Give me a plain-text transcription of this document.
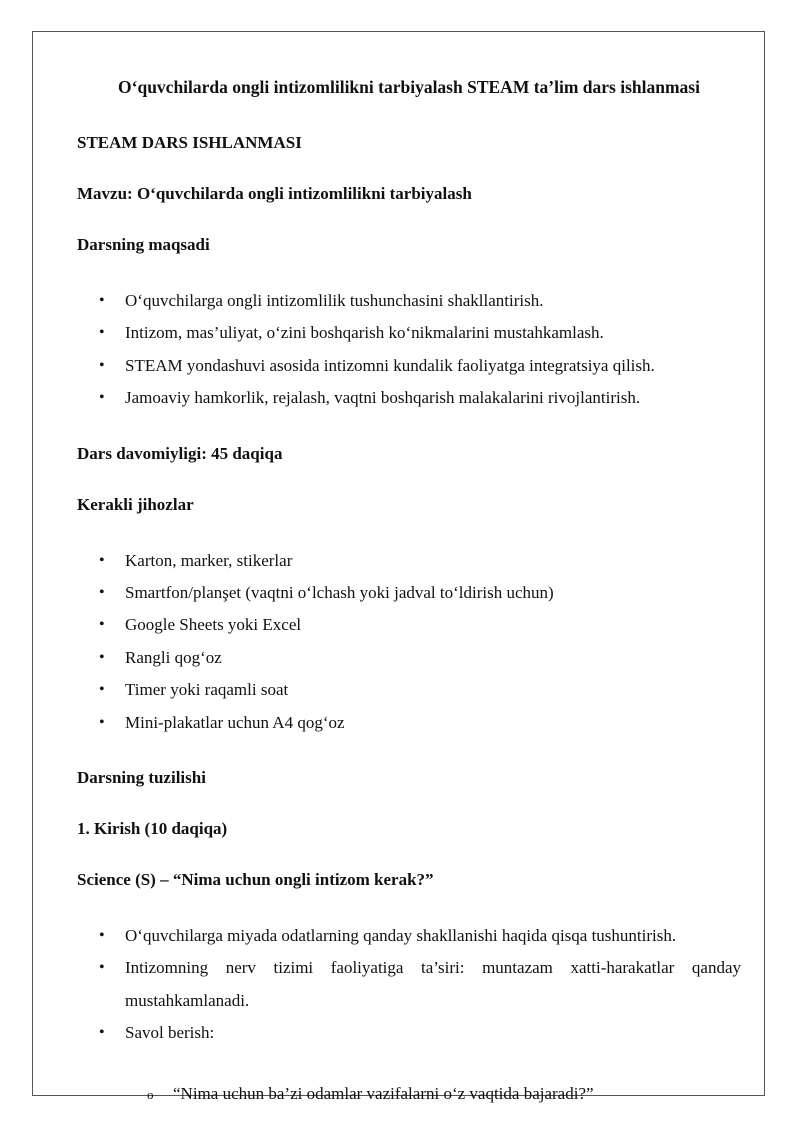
O‘quvchilarda ongli intizomlilikni tarbiyalash STEAM ta’lim dars ishlanmasi

STEAM DARS ISHLANMASI

Mavzu: O‘quvchilarda ongli intizomlilikni tarbiyalash

Darsning maqsadi

• O‘quvchilarga ongli intizomlilik tushunchasini shakllantirish.
• Intizom, mas’uliyat, o‘zini boshqarish ko‘nikmalarini mustahkamlash.
• STEAM yondashuvi asosida intizomni kundalik faoliyatga integratsiya qilish.
• Jamoaviy hamkorlik, rejalash, vaqtni boshqarish malakalarini rivojlantirish.

Dars davomiyligi: 45 daqiqa

Kerakli jihozlar

• Karton, marker, stikerlar
• Smartfon/planşet (vaqtni o‘lchash yoki jadval to‘ldirish uchun)
• Google Sheets yoki Excel
• Rangli qog‘oz
• Timer yoki raqamli soat
• Mini-plakatlar uchun A4 qog‘oz

Darsning tuzilishi

1. Kirish (10 daqiqa)

Science (S) – “Nima uchun ongli intizom kerak?”

• O‘quvchilarga miyada odatlarning qanday shakllanishi haqida qisqa tushuntirish.
• Intizomning nerv tizimi faoliyatiga ta’siri: muntazam xatti-harakatlar qanday mustahkamlanadi.
• Savol berish:
o “Nima uchun ba’zi odamlar vazifalarni o‘z vaqtida bajaradi?”
